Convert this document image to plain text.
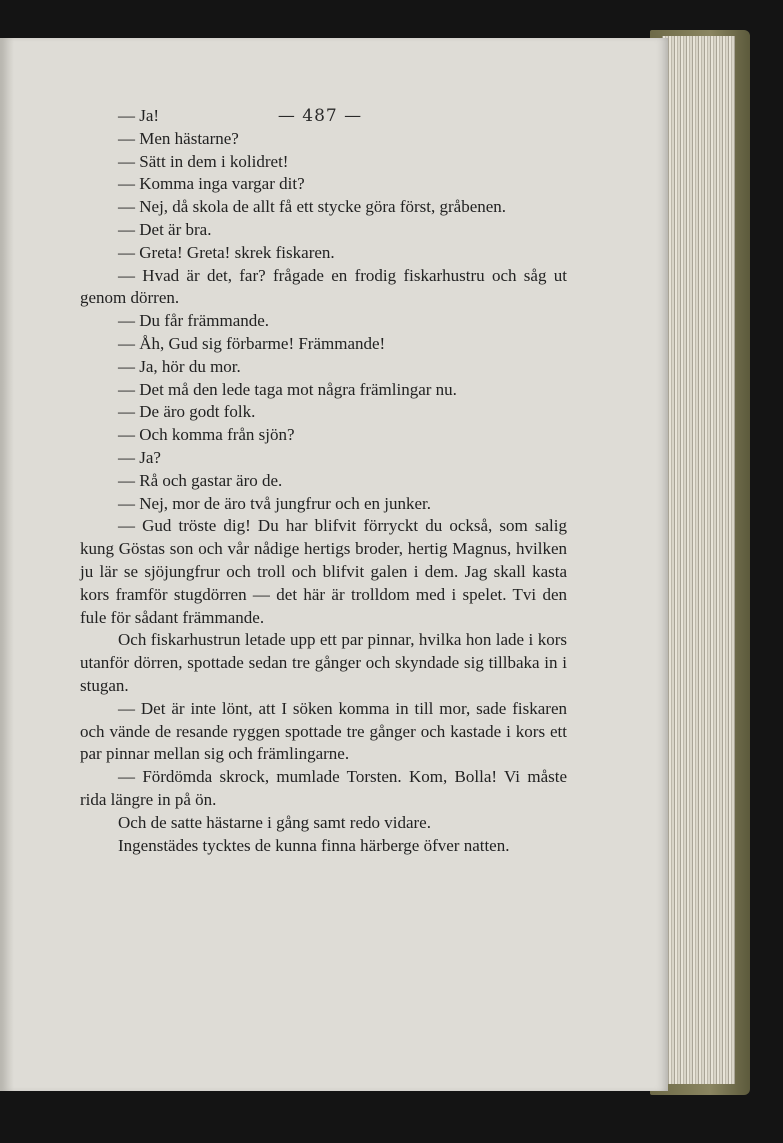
— 487 —

— Ja!

— Men hästarne?

— Sätt in dem i kolidret!

— Komma inga vargar dit?

— Nej, då skola de allt få ett stycke göra först, gråbenen.

— Det är bra.

— Greta! Greta! skrek fiskaren.

— Hvad är det, far? frågade en frodig fiskarhustru och såg ut genom dörren.

— Du får främmande.

— Åh, Gud sig förbarme! Främmande!

— Ja, hör du mor.

— Det må den lede taga mot några främlingar nu.

— De äro godt folk.

— Och komma från sjön?

— Ja?

— Rå och gastar äro de.

— Nej, mor de äro två jungfrur och en junker.

— Gud tröste dig! Du har blifvit förryckt du också, som salig kung Göstas son och vår nådige hertigs broder, hertig Magnus, hvilken ju lär se sjöjungfrur och troll och blifvit galen i dem. Jag skall kasta kors framför stugdörren — det här är trolldom med i spelet. Tvi den fule för sådant främmande.

Och fiskarhustrun letade upp ett par pinnar, hvilka hon lade i kors utanför dörren, spottade sedan tre gånger och skyndade sig tillbaka in i stugan.

— Det är inte lönt, att I söken komma in till mor, sade fiskaren och vände de resande ryggen spottade tre gånger och kastade i kors ett par pinnar mellan sig och främlingarne.

— Fördömda skrock, mumlade Torsten. Kom, Bolla! Vi måste rida längre in på ön.

Och de satte hästarne i gång samt redo vidare.

Ingenstädes tycktes de kunna finna härberge öfver natten.
